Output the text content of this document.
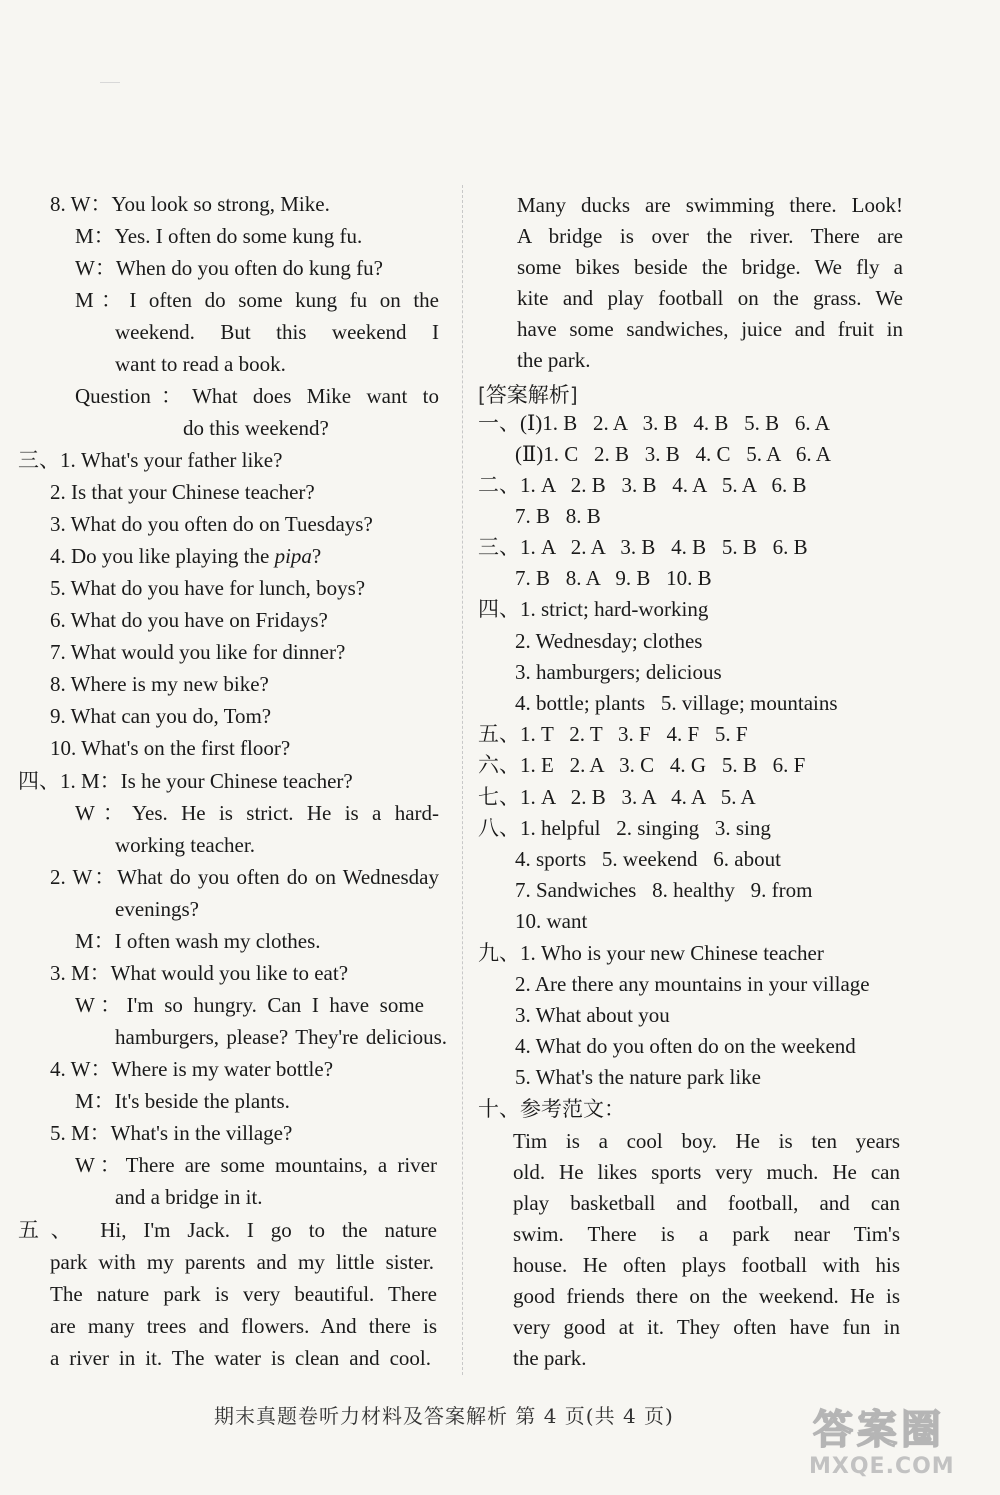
8. W：You look so strong, Mike.
M：Yes. I often do some kung fu.
W：When do you often do kung fu?
M：I often do some kung fu on the
weekend. But this weekend I
want to read a book.
Question：What does Mike want to
do this weekend?
三、1. What's your father like?
2. Is that your Chinese teacher?
3. What do you often do on Tuesdays?
4. Do you like playing the pipa?
5. What do you have for lunch, boys?
6. What do you have on Fridays?
7. What would you like for dinner?
8. Where is my new bike?
9. What can you do, Tom?
10. What's on the first floor?
四、1. M：Is he your Chinese teacher?
W：Yes. He is strict. He is a hard-
working teacher.
2. W：What do you often do on Wednesday
evenings?
M：I often wash my clothes.
3. M：What would you like to eat?
W：I'm so hungry. Can I have some
hamburgers, please? They're delicious.
4. W：Where is my water bottle?
M：It's beside the plants.
5. M：What's in the village?
W：There are some mountains, a river
and a bridge in it.
五、 Hi, I'm Jack. I go to the nature
park with my parents and my little sister.
The nature park is very beautiful. There
are many trees and flowers. And there is
a river in it. The water is clean and cool.
Many ducks are swimming there. Look!
A bridge is over the river. There are
some bikes beside the bridge. We fly a
kite and play football on the grass. We
have some sandwiches, juice and fruit in
the park.
[答案解析]
一、(Ⅰ)1. B   2. A   3. B   4. B   5. B   6. A
(Ⅱ)1. C   2. B   3. B   4. C   5. A   6. A
二、1. A   2. B   3. B   4. A   5. A   6. B
7. B   8. B
三、1. A   2. A   3. B   4. B   5. B   6. B
7. B   8. A   9. B   10. B
四、1. strict; hard-working
2. Wednesday; clothes
3. hamburgers; delicious
4. bottle; plants   5. village; mountains
五、1. T   2. T   3. F   4. F   5. F
六、1. E   2. A   3. C   4. G   5. B   6. F
七、1. A   2. B   3. A   4. A   5. A
八、1. helpful   2. singing   3. sing
4. sports   5. weekend   6. about
7. Sandwiches   8. healthy   9. from
10. want
九、1. Who is your new Chinese teacher
2. Are there any mountains in your village
3. What about you
4. What do you often do on the weekend
5. What's the nature park like
十、参考范文：
Tim is a cool boy. He is ten years
old. He likes sports very much. He can
play basketball and football, and can
swim. There is a park near Tim's
house. He often plays football with his
good friends there on the weekend. He is
very good at it. They often have fun in
the park.
期末真题卷听力材料及答案解析 第 4 页(共 4 页)	答案圈
MXQE.COM
